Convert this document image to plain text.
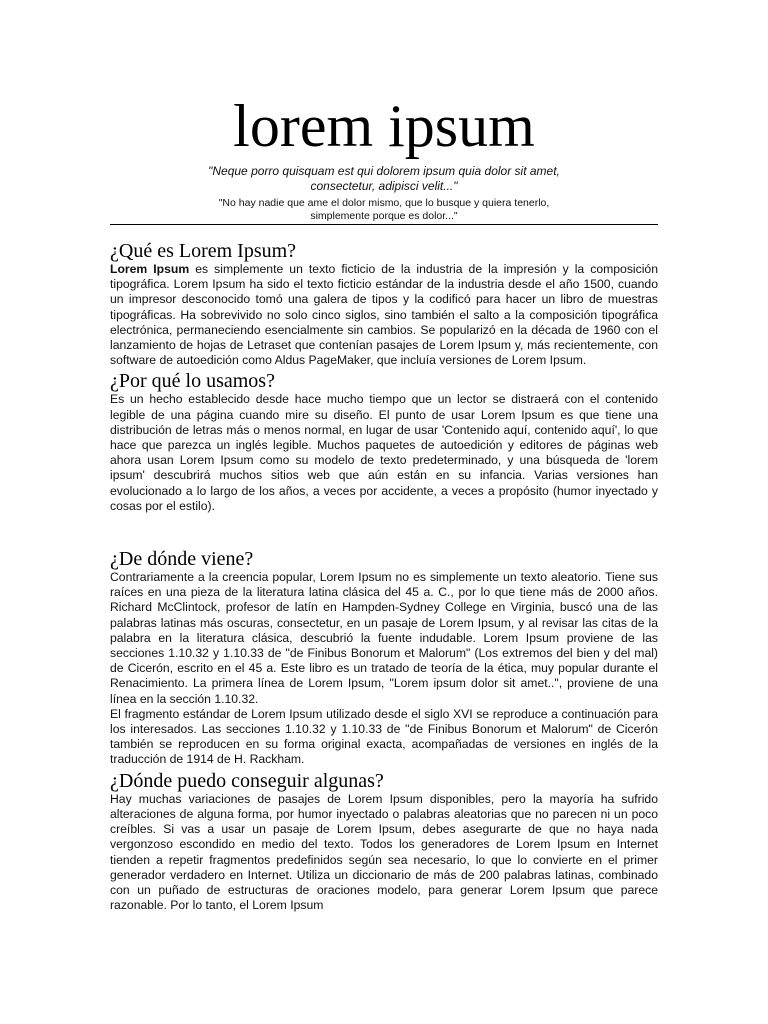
lorem ipsum

"Neque porro quisquam est qui dolorem ipsum quia dolor sit amet, consectetur, adipisci velit..."

"No hay nadie que ame el dolor mismo, que lo busque y quiera tenerlo, simplemente porque es dolor..."

¿Qué es Lorem Ipsum?

Lorem Ipsum es simplemente un texto ficticio de la industria de la impresión y la composición tipográfica. Lorem Ipsum ha sido el texto ficticio estándar de la industria desde el año 1500, cuando un impresor desconocido tomó una galera de tipos y la codificó para hacer un libro de muestras tipográficas. Ha sobrevivido no solo cinco siglos, sino también el salto a la composición tipográfica electrónica, permaneciendo esencialmente sin cambios. Se popularizó en la década de 1960 con el lanzamiento de hojas de Letraset que contenían pasajes de Lorem Ipsum y, más recientemente, con software de autoedición como Aldus PageMaker, que incluía versiones de Lorem Ipsum.

¿Por qué lo usamos?

Es un hecho establecido desde hace mucho tiempo que un lector se distraerá con el contenido legible de una página cuando mire su diseño. El punto de usar Lorem Ipsum es que tiene una distribución de letras más o menos normal, en lugar de usar 'Contenido aquí, contenido aquí', lo que hace que parezca un inglés legible. Muchos paquetes de autoedición y editores de páginas web ahora usan Lorem Ipsum como su modelo de texto predeterminado, y una búsqueda de 'lorem ipsum' descubrirá muchos sitios web que aún están en su infancia. Varias versiones han evolucionado a lo largo de los años, a veces por accidente, a veces a propósito (humor inyectado y cosas por el estilo).

¿De dónde viene?

Contrariamente a la creencia popular, Lorem Ipsum no es simplemente un texto aleatorio. Tiene sus raíces en una pieza de la literatura latina clásica del 45 a. C., por lo que tiene más de 2000 años. Richard McClintock, profesor de latín en Hampden-Sydney College en Virginia, buscó una de las palabras latinas más oscuras, consectetur, en un pasaje de Lorem Ipsum, y al revisar las citas de la palabra en la literatura clásica, descubrió la fuente indudable. Lorem Ipsum proviene de las secciones 1.10.32 y 1.10.33 de "de Finibus Bonorum et Malorum" (Los extremos del bien y del mal) de Cicerón, escrito en el 45 a. Este libro es un tratado de teoría de la ética, muy popular durante el Renacimiento. La primera línea de Lorem Ipsum, "Lorem ipsum dolor sit amet..", proviene de una línea en la sección 1.10.32.

El fragmento estándar de Lorem Ipsum utilizado desde el siglo XVI se reproduce a continuación para los interesados. Las secciones 1.10.32 y 1.10.33 de "de Finibus Bonorum et Malorum" de Cicerón también se reproducen en su forma original exacta, acompañadas de versiones en inglés de la traducción de 1914 de H. Rackham.

¿Dónde puedo conseguir algunas?

Hay muchas variaciones de pasajes de Lorem Ipsum disponibles, pero la mayoría ha sufrido alteraciones de alguna forma, por humor inyectado o palabras aleatorias que no parecen ni un poco creíbles. Si vas a usar un pasaje de Lorem Ipsum, debes asegurarte de que no haya nada vergonzoso escondido en medio del texto. Todos los generadores de Lorem Ipsum en Internet tienden a repetir fragmentos predefinidos según sea necesario, lo que lo convierte en el primer generador verdadero en Internet. Utiliza un diccionario de más de 200 palabras latinas, combinado con un puñado de estructuras de oraciones modelo, para generar Lorem Ipsum que parece razonable. Por lo tanto, el Lorem Ipsum
